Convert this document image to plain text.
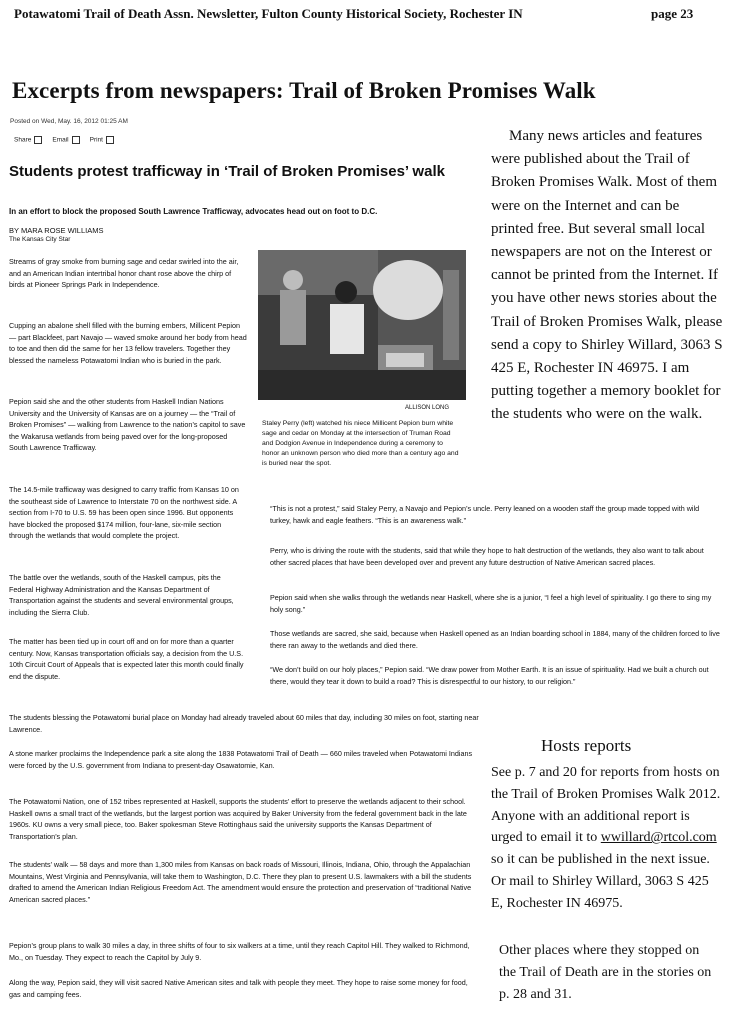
Potawatomi Trail of Death Assn. Newsletter, Fulton County Historical Society, Rochester IN	page 23
Excerpts from newspapers: Trail of Broken Promises Walk
Posted on Wed, May. 16, 2012 01:25 AM
Share	Email	Print
Students protest trafficway in ‘Trail of Broken Promises’ walk
In an effort to block the proposed South Lawrence Trafficway, advocates head out on foot to D.C.
BY MARA ROSE WILLIAMS
The Kansas City Star

Streams of gray smoke from burning sage and cedar swirled into the air, and an American Indian intertribal honor chant rose above the chirp of birds at Pioneer Springs Park in Independence.

Cupping an abalone shell filled with the burning embers, Millicent Pepion — part Blackfeet, part Navajo — waved smoke around her body from head to toe and then did the same for her 13 fellow travelers. Together they blessed the nameless Potawatomi Indian who is buried in the park.

Pepion said she and the other students from Haskell Indian Nations University and the University of Kansas are on a journey — the “Trail of Broken Promises” — walking from Lawrence to the nation’s capitol to save the Wakarusa wetlands from being paved over for the long-proposed South Lawrence Trafficway.

The 14.5-mile trafficway was designed to carry traffic from Kansas 10 on the southeast side of Lawrence to Interstate 70 on the northwest side. A section from I-70 to U.S. 59 has been open since 1996. But opponents have blocked the proposed $174 million, four-lane, six-mile section through the wetlands that would complete the project.

The battle over the wetlands, south of the Haskell campus, pits the Federal Highway Administration and the Kansas Department of Transportation against the students and several environmental groups, including the Sierra Club.

The matter has been tied up in court off and on for more than a quarter century. Now, Kansas transportation officials say, a decision from the U.S. 10th Circuit Court of Appeals that is expected later this month could finally end the dispute.

ALLISON LONG
Staley Perry (left) watched his niece Millicent Pepion burn white sage and cedar on Monday at the intersection of Truman Road and Dodgion Avenue in Independence during a ceremony to honor an unknown person who died more than a century ago and is buried near the spot.

“This is not a protest,” said Staley Perry, a Navajo and Pepion’s uncle. Perry leaned on a wooden staff the group made topped with wild turkey, hawk and eagle feathers. “This is an awareness walk.”

Perry, who is driving the route with the students, said that while they hope to halt destruction of the wetlands, they also want to talk about other sacred places that have been developed over and prevent any future destruction of Native American sacred places.

Pepion said when she walks through the wetlands near Haskell, where she is a junior, “I feel a high level of spirituality. I go there to sing my holy song.”

Those wetlands are sacred, she said, because when Haskell opened as an Indian boarding school in 1884, many of the children forced to live there ran away to the wetlands and died there.

“We don’t build on our holy places,” Pepion said. “We draw power from Mother Earth. It is an issue of spirituality. Had we built a church out there, would they tear it down to build a road? This is disrespectful to our history, to our religion.”

The students blessing the Potawatomi burial place on Monday had already traveled about 60 miles that day, including 30 miles on foot, starting near Lawrence.

A stone marker proclaims the Independence park a site along the 1838 Potawatomi Trail of Death — 660 miles traveled when Potawatomi Indians were forced by the U.S. government from Indiana to present-day Osawatomie, Kan.

The Potawatomi Nation, one of 152 tribes represented at Haskell, supports the students’ effort to preserve the wetlands adjacent to their school. Haskell owns a small tract of the wetlands, but the largest portion was acquired by Baker University from the federal government back in the late 1960s. KU owns a very small piece, too. Baker spokesman Steve Rottinghaus said the university supports the Kansas Department of Transportation’s plan.

The students’ walk — 58 days and more than 1,300 miles from Kansas on back roads of Missouri, Illinois, Indiana, Ohio, through the Appalachian Mountains, West Virginia and Pennsylvania, will take them to Washington, D.C. There they plan to present U.S. lawmakers with a bill the students drafted to amend the American Indian Religious Freedom Act. The amendment would ensure the protection and preservation of “traditional Native American sacred places.”

Pepion’s group plans to walk 30 miles a day, in three shifts of four to six walkers at a time, until they reach Capitol Hill. They walked to Richmond, Mo., on Tuesday. They expect to reach the Capitol by July 9.

Along the way, Pepion said, they will visit sacred Native American sites and talk with people they meet. They hope to raise some money for food, gas and camping fees.

Many news articles and features were published about the Trail of Broken Promises Walk. Most of them were on the Internet and can be printed free. But several small local newspapers are not on the Interest or cannot be printed from the Internet. If you have other news stories about the Trail of Broken Promises Walk, please send a copy to Shirley Willard, 3063 S 425 E, Rochester IN 46975. I am putting together a memory booklet for the students who were on the walk.

Hosts reports

See p. 7 and 20 for reports from hosts on the Trail of Broken Promises Walk 2012. Anyone with an additional report is urged to email it to wwillard@rtcol.com so it can be published in the next issue. Or mail to Shirley Willard, 3063 S 425 E, Rochester IN 46975.

Other places where they stopped on the Trail of Death are in the stories on p. 28 and 31.
